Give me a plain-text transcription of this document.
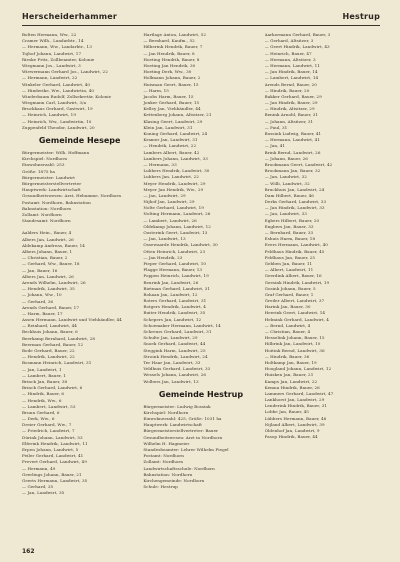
Herscheiderhammer	Hestrup
Bolten Hermann, Ww., 22
Cramer Wilh., Landarbtr., 14
— Hermann, Ww., Landarbtr., 13
Tojhof Johann, Landwirt, 17
Rieske Fritz, Zollbeamter, Kolonie
Wiegmann Jos., Landwirt, 3
Wiewermann Gerhard Jos., Landwirt, 22
— Hermann, Landwirt, 22
Winkeler Gerhard, Landwirt, 40
— Hinderike, Ww., Landwirtin, 40
Winderbaum Rudolf, Zollsekretär, Kolonie
Wiegmann Carl, Landwirt, 3/a
Bruckhaus Gerhard, Gastwirt, 19
— Heinrich, Landwirt, 19
— Heinrich, Ww., Landwirtin, 10
Zuppenfeld Theodor, Landwirt, 20
Gemeinde Hesepe
Bürgermeister: Wilh. Hoffmann
Kirchspiel: Nordhorn
Einwohnerzahl: 253
Größe: 1875 ha
Bürgermeister: Landwirt
Bürgermeisterstellvertreter
Hauptwerk: Landwirtschaft
Gesundheitswesen: Arzt, Hebamme, Nordhorn
Postamt: Nordhorn, Bahnstation
Bahnstation: Nordhorn
Zollamt: Nordhorn
Standesamt: Nordhorn
Aalders Hein., Bauer, 4
Albers Jan, Landwirt, 26
Aldekamp Andreas, Bauer, 14
Albers Johann, Bauer, 1
— Christian, Bauer, 2
— Gerhard, Ww., Bauer, 18
— Jan, Bauer, 16
Albers Jan, Landwirt, 26
Arends Wilhelm, Landwirt, 26
— Hendrik, Landwirt, 35
— Johann, Ww., 10
— Gerhard, 36
Arends Gerhard, Bauer, 17
— Harm, Bauer, 17
Assen Hermann, Landwirt und Viehhändler, 44
— Reinhard, Landwirt, 44
Beckhuis Johann, Bauer, 6
Beerkamp Bernhard, Landwirt, 28
Beerman Gerhard, Bauer, 12
Bode Gerhard, Bauer, 22
— Hendrik, Landwirt, 22
Bosmann Heinrich, Landwirt, 31
— Jan, Landwirt, 1
— Lambert, Bauer, 1
Brinck Jan, Bauer, 38
Brinck Gerhard, Landwirt, 6
— Hindrik, Bauer, 6
— Hendrik, Ww., 6
— Lambert, Landwirt, 53
Brunn Gerhard, 6
— Derk, Ww., 6
Dreier Gerhard, Ww., 7
— Friedrich, Landwirt, 7
Dürink Johann, Landwirt, 53
Elferink Hendrik, Landwirt, 11
Erpen Johann, Landwirt, 5
Feiler Gerhard, Landwirt, 41
Frevert Gerhard, Landwirt, 49
— Hermann, 49
Geerlings Johann, Bauer, 21
Geerts Hermann, Landwirt, 35
— Gerhard, 35
— Jan, Landwirt, 35
Hartlage Anton, Landwirt, 52
— Bernhard, Kaufm., 52
Hilberink Hendrik, Bauer, 7
— Jan Hendrik, Bauer, 8
Hoeting Hendrik, Bauer, 8
Hoeting Jan Hendrik, 30
Hoeting Derk, Ww., 30
Hollmann Johann, Bauer, 2
Huisman Geert, Bauer, 15
— Harm, 15
Jacobs Harm, Bauer, 15
Jonker Gerhard, Bauer, 15
Kelley Jan, Viehhändler, 44
Kettenberg Johann, Altsitzer, 21
Klasing Geert, Landwirt, 29
Klein Jan, Landwirt, 31
Koning Gerhard, Landwirt, 24
Kramer Jan, Landwirt, 31
— Hendrik, Landwirt, 22
Lambers Albert, Bauer, 42
Lambers Johann, Landwirt, 33
— Hermann, 33
Lubbers Hendrik, Landwirt, 30
Lubbers Jan, Landwirt, 22
Meyer Hendrik, Landwirt, 29
Meyer Jan Hendrik, Ww., 29
— Jan, Landwirt, 29
Nijhof Jan, Landwirt, 29
Nolte Gerhard, Landwirt, 19
Nolting Hermann, Landwirt, 26
— Lambert, Landwirt, 26
Oldekamp Johann, Landwirt, 12
Oosterink Geert, Landwirt, 13
— Jan, Landwirt, 13
Ossewaarde Hendrik, Landwirt, 30
Otten Heinrich, Landwirt, 23
— Jan Hendrik, 23
Pieper Gerhard, Landwirt, 10
Plagge Hermann, Bauer, 13
Poppen Heinrich, Landwirt, 19
Reurink Jan, Landwirt, 26
Rietman Gerhard, Landwirt, 31
Rohaan Jan, Landwirt, 12
Roters Gerhard, Landwirt, 31
Rotgers Hendrik, Landwirt, 4
Ruiter Hendrik, Landwirt, 35
Schepers Jan, Landwirt, 12
Schoemaker Hermann, Landwirt, 14
Schreurs Gerhard, Landwirt, 31
Schulte Jan, Landwirt, 29
Snoek Gerhard, Landwirt, 44
Steggink Harm, Landwirt, 25
Stroink Hendrik, Landwirt, 24
Ter Haar Jan, Landwirt, 33
Veldhuis Gerhard, Landwirt, 33
Wessels Johann, Landwirt, 26
Wolbers Jan, Landwirt, 13
Gemeinde Hestrup
Bürgermeister: Ludwig Bossink
Kirchspiel: Nordhorn
Einwohnerzahl: 425, Größe: 1031 ha
Hauptwerk: Landwirtschaft
Bürgermeisterstellvertreter: Bauer
Gesundheitswesen: Arzt in Nordhorn
Wilhelm H. Hagmeier
Standesbeamter: Lehrer Wilhelm Fiegel
Postamt: Nordhorn
Zollamt: Nordhorn
Landwirtschaftsschule: Nordhorn
Bahnstation: Nordhorn
Kirchengemeinde: Nordhorn
Schule: Hestrup
Aarkormann Gerhard, Bauer, 3
— Gerhard, Altsitzer, 3
— Geert Hindrik, Landwirt, 43
— Heinrich, Bauer, 47
— Hermann, Altsitzer, 3
— Hermann, Landwirt, 11
— Jan Hindrik, Bauer, 14
— Lambert, Landwirt, 14
Arends Bernd, Bauer, 20
— Hindrik, Bauer, 20
Bakker Gerhard, Bauer, 29
— Jan Hindrik, Bauer, 29
— Hindrik, Altsitzer, 29
Benink Arnold, Bauer, 31
— Johann, Altsitzer, 31
— Paul, 31
Bossink Ludwig, Bauer, 41
— Hermann, Landwirt, 41
— Jan, 41
Brink Bernd, Landwirt, 26
— Johann, Bauer, 26
Brookmann Geert, Landwirt, 42
Brookmann Jan, Bauer, 32
— Jan, Landwirt, 32
— Willi, Landwirt, 32
Bruckhuis Jan, Landwirt, 24
Dam Hilbert, Bauer, 46
Derks Gerhard, Landwirt, 33
— Jan Hindrik, Landwirt, 33
— Jan, Landwirt, 33
Egbers Hilbert, Bauer, 20
Engbers Jan, Bauer, 33
— Bernhard, Bauer, 33
Eshuis Harm, Bauer, 18
Evers Hermann, Landwirt, 40
Feldhaus Hindrik, Bauer, 45
Feldhaus Jan, Bauer, 25
Gebben Jan, Bauer, 11
— Albert, Landwirt, 11
Geerdink Albert, Bauer, 16
Geesink Hindrik, Landwirt, 19
Gosink Johann, Bauer, 5
Graf Gerhard, Bauer, 1
Greiler Albert, Landwirt, 37
Harink Jan, Bauer, 30
Heerink Geert, Landwirt, 14
Helmink Gerhard, Landwirt, 4
— Bernd, Landwirt, 4
— Christian, Bauer, 4
Hesselink Johann, Bauer, 15
Hilbrink Jan, Landwirt, 10
Hoitink Bernd, Landwirt, 36
— Hindrik, Bauer, 36
Holtkamp Jan, Bauer, 19
Hoogland Johann, Landwirt, 12
Huisken Jan, Bauer, 21
Kamps Jan, Landwirt, 22
Kemna Hindrik, Bauer, 26
Lammers Gerhard, Landwirt, 47
Lankhorst Jan, Landwirt, 29
Lenderink Hindrik, Bauer, 31
Lobbe Jan, Bauer, 45
Lübbers Hermann, Bauer, 48
Nijland Albert, Landwirt, 39
Oldenhof Jan, Landwirt, 9
Pasop Hindrik, Bauer, 44
162
